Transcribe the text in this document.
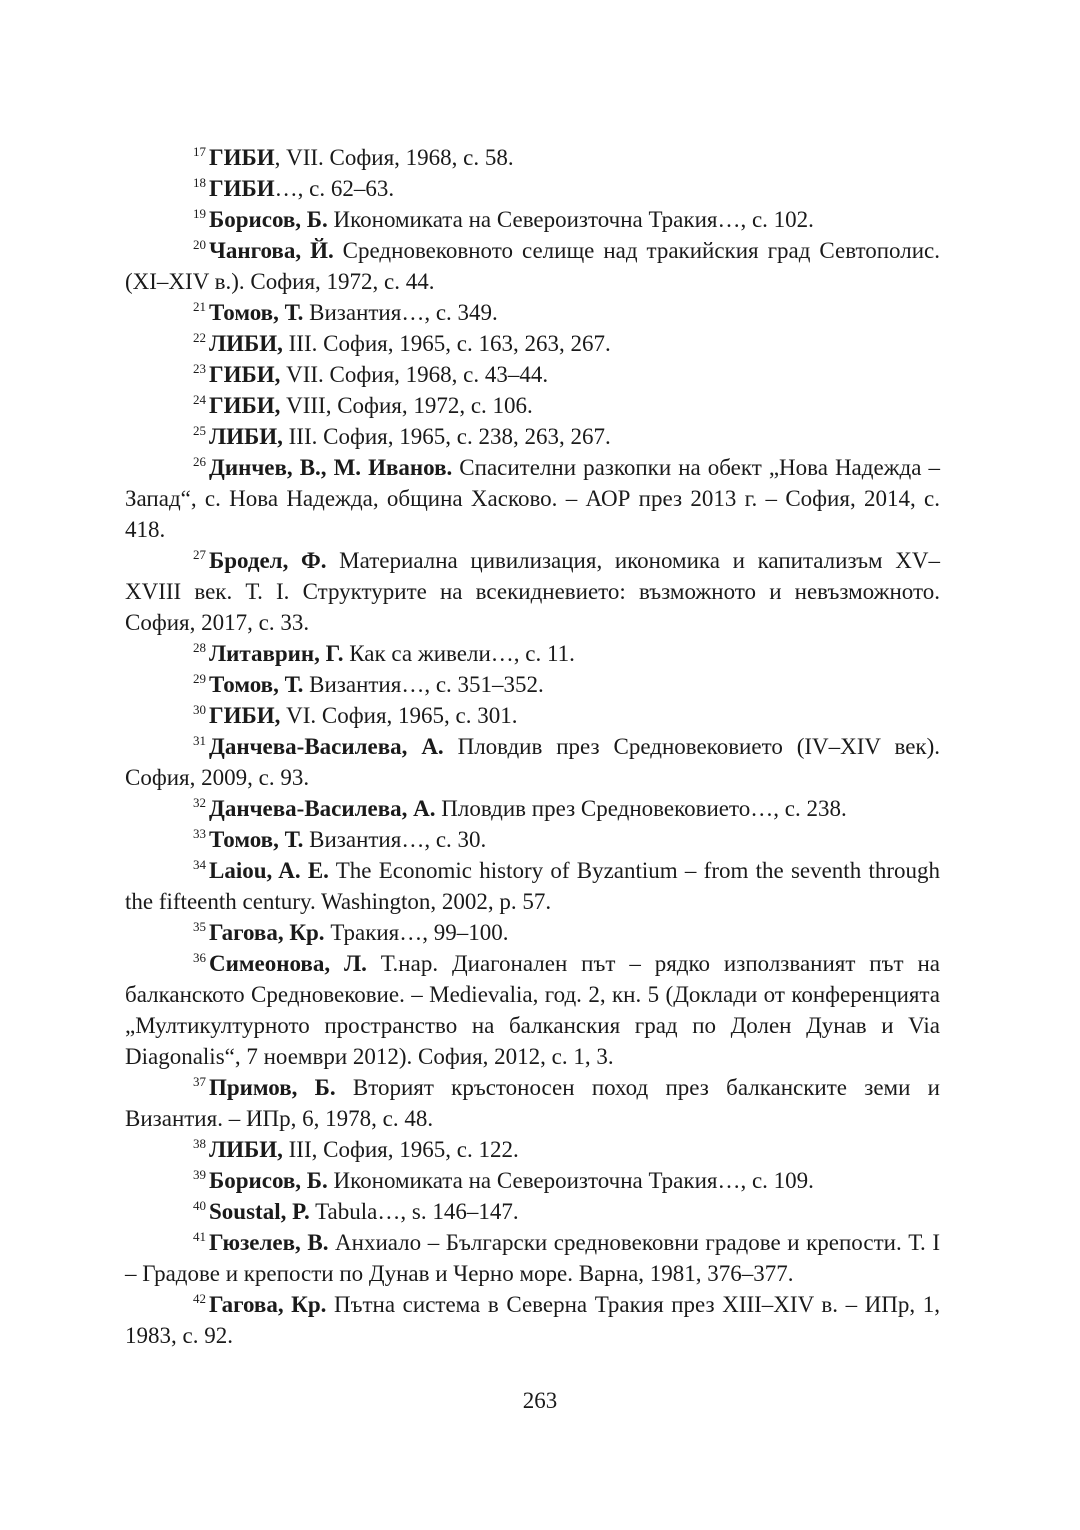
$^{17}$ ГИБИ, VII. София, 1968, с. 58.

$^{18}$ ГИБИ…, с. 62–63.

$^{19}$ Борисов, Б. Икономиката на Североизточна Тракия…, с. 102.

$^{20}$ Чангова, Й. Средновековното селище над тракийския град Севтополис. (XI–XIV в.). София, 1972, с. 44.

$^{21}$ Томов, Т. Византия…, с. 349.

$^{22}$ ЛИБИ, III. София, 1965, с. 163, 263, 267.

$^{23}$ ГИБИ, VII. София, 1968, с. 43–44.

$^{24}$ ГИБИ, VIII, София, 1972, с. 106.

$^{25}$ ЛИБИ, III. София, 1965, с. 238, 263, 267.

$^{26}$ Динчев, В., М. Иванов. Спасителни разкопки на обект „Нова Надежда – Запад“, с. Нова Надежда, община Хасково. – АОР през 2013 г. – София, 2014, с. 418.

$^{27}$ Бродел, Ф. Материална цивилизация, икономика и капитализъм XV–XVIII век. Т. I. Структурите на всекидневието: възможното и невъзможното. София, 2017, с. 33.

$^{28}$ Литаврин, Г. Как са живели…, с. 11.

$^{29}$ Томов, Т. Византия…, с. 351–352.

$^{30}$ ГИБИ, VI. София, 1965, с. 301.

$^{31}$ Данчева-Василева, А. Пловдив през Средновековието (IV–XIV век). София, 2009, с. 93.

$^{32}$ Данчева-Василева, А. Пловдив през Средновековието…, с. 238.

$^{33}$ Томов, Т. Византия…, с. 30.

$^{34}$ Laiou, A. E. The Economic history of Byzantium – from the seventh through the fifteenth century. Washington, 2002, p. 57.

$^{35}$ Гагова, Кр. Тракия…, 99–100.

$^{36}$ Симеонова, Л. Т.нар. Диагонален път – рядко използваният път на балканското Средновековие. – Medievalia, год. 2, кн. 5 (Доклади от конференцията „Мултикултурното пространство на балканския град по Долен Дунав и Via Diagonalis“, 7 ноември 2012). София, 2012, с. 1, 3.

$^{37}$ Примов, Б. Вторият кръстоносен поход през балканските земи и Византия. – ИПр, 6, 1978, с. 48.

$^{38}$ ЛИБИ, III, София, 1965, с. 122.

$^{39}$ Борисов, Б. Икономиката на Североизточна Тракия…, с. 109.

$^{40}$ Soustal, P. Tabula…, s. 146–147.

$^{41}$ Гюзелев, В. Анхиало – Български средновековни градове и крепости. Т. I – Градове и крепости по Дунав и Черно море. Варна, 1981, 376–377.

$^{42}$ Гагова, Кр. Пътна система в Северна Тракия през XIII–XIV в. – ИПр, 1, 1983, с. 92.

263
